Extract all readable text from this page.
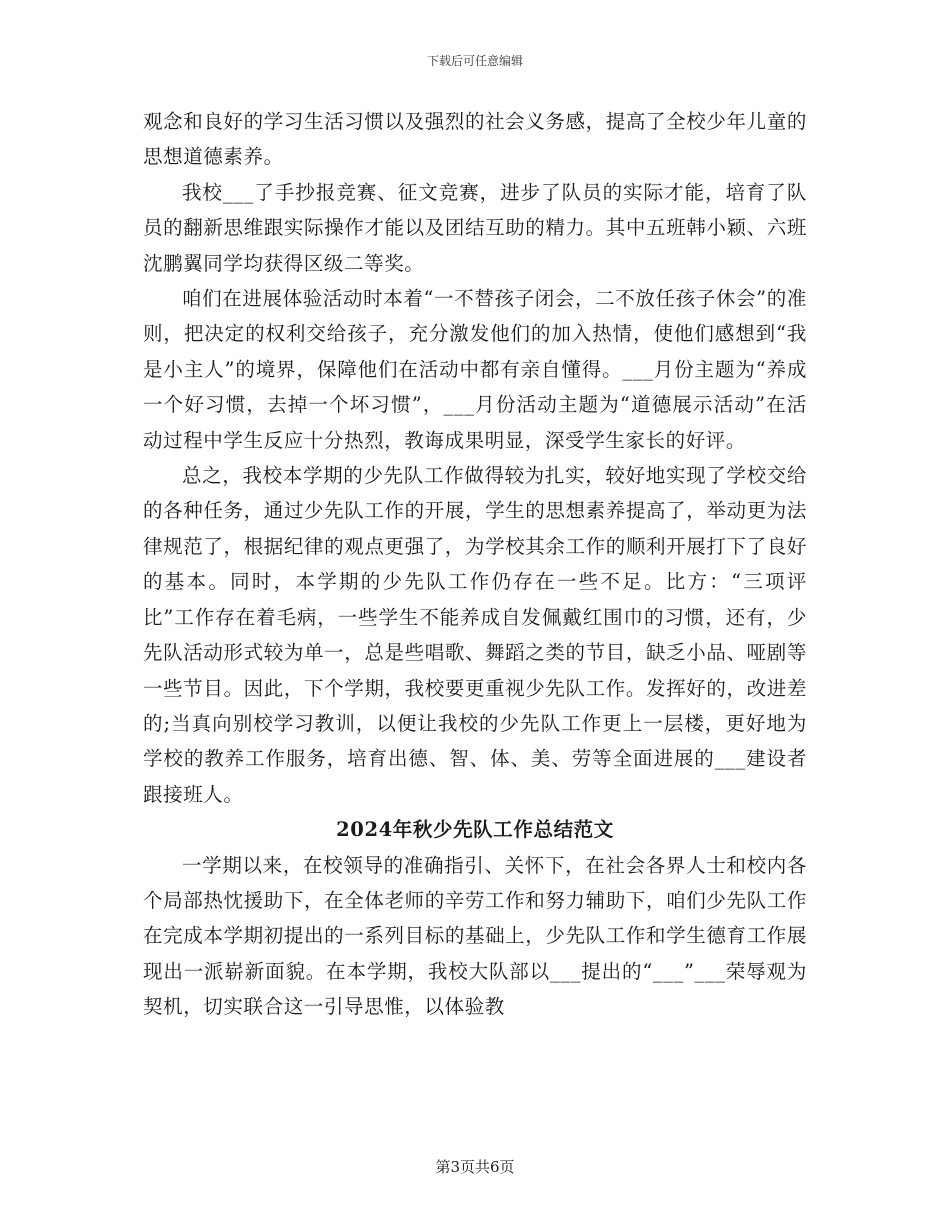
下载后可任意编辑

观念和良好的学习生活习惯以及强烈的社会义务感，提高了全校少年儿童的思想道德素养。

我校___了手抄报竞赛、征文竞赛，进步了队员的实际才能，培育了队员的翻新思维跟实际操作才能以及团结互助的精力。其中五班韩小颖、六班沈鹏翼同学均获得区级二等奖。

咱们在进展体验活动时本着“一不替孩子闭会，二不放任孩子休会”的准则，把决定的权利交给孩子，充分激发他们的加入热情，使他们感想到“我是小主人”的境界，保障他们在活动中都有亲自懂得。___月份主题为“养成一个好习惯，去掉一个坏习惯”，___月份活动主题为“道德展示活动”在活动过程中学生反应十分热烈，教诲成果明显，深受学生家长的好评。

总之，我校本学期的少先队工作做得较为扎实，较好地实现了学校交给的各种任务，通过少先队工作的开展，学生的思想素养提高了，举动更为法律规范了，根据纪律的观点更强了，为学校其余工作的顺利开展打下了良好的基本。同时，本学期的少先队工作仍存在一些不足。比方：“三项评比”工作存在着毛病，一些学生不能养成自发佩戴红围巾的习惯，还有，少先队活动形式较为单一，总是些唱歌、舞蹈之类的节目，缺乏小品、哑剧等一些节目。因此，下个学期，我校要更重视少先队工作。发挥好的，改进差的;当真向别校学习教训，以便让我校的少先队工作更上一层楼，更好地为学校的教养工作服务，培育出德、智、体、美、劳等全面进展的___建设者跟接班人。

2024年秋少先队工作总结范文

一学期以来，在校领导的准确指引、关怀下，在社会各界人士和校内各个局部热忱援助下，在全体老师的辛劳工作和努力辅助下，咱们少先队工作在完成本学期初提出的一系列目标的基础上，少先队工作和学生德育工作展现出一派崭新面貌。在本学期，我校大队部以___提出的“___”___荣辱观为契机，切实联合这一引导思惟，以体验教

第3页共6页
